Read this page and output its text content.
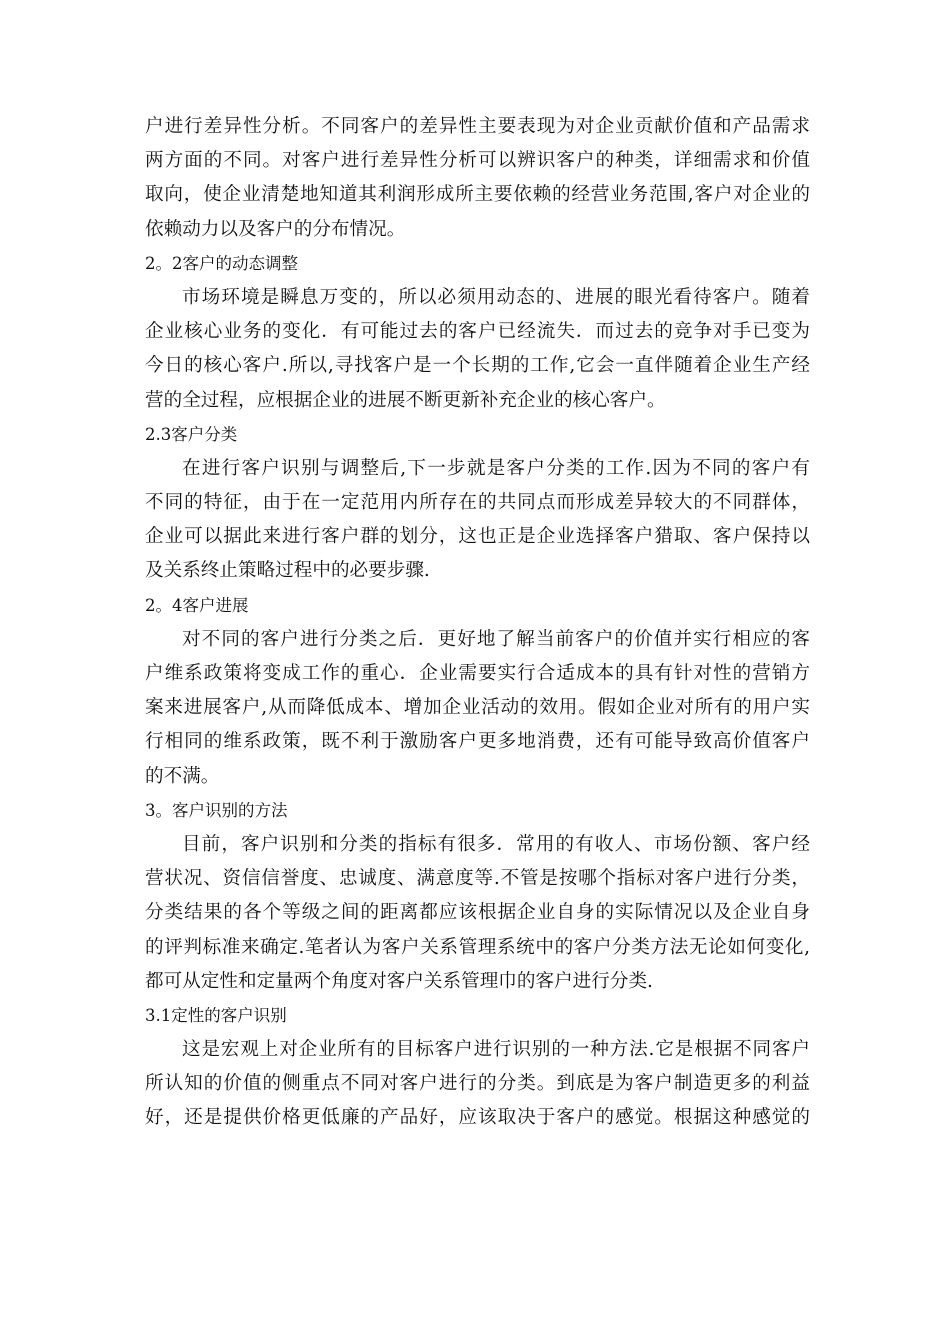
户进行差异性分析。不同客户的差异性主要表现为对企业贡献价值和产品需求
两方面的不同。对客户进行差异性分析可以辨识客户的种类，详细需求和价值
取向，使企业清楚地知道其利润形成所主要依赖的经营业务范围,客户对企业的
依赖动力以及客户的分布情况。
2。2客户的动态调整
市场环境是瞬息万变的，所以必须用动态的、进展的眼光看待客户。随着
企业核心业务的变化．有可能过去的客户已经流失．而过去的竞争对手已变为
今日的核心客户.所以,寻找客户是一个长期的工作,它会一直伴随着企业生产经
营的全过程，应根据企业的进展不断更新补充企业的核心客户。
2.3客户分类
在进行客户识别与调整后,下一步就是客户分类的工作.因为不同的客户有
不同的特征，由于在一定范用内所存在的共同点而形成差异较大的不同群体，
企业可以据此来进行客户群的划分，这也正是企业选择客户猎取、客户保持以
及关系终止策略过程中的必要步骤.
2。4客户进展
对不同的客户进行分类之后．更好地了解当前客户的价值并实行相应的客
户维系政策将变成工作的重心．企业需要实行合适成本的具有针对性的营销方
案来进展客户,从而降低成本、增加企业活动的效用。假如企业对所有的用户实
行相同的维系政策，既不利于激励客户更多地消费，还有可能导致高价值客户
的不满。
3。客户识别的方法
目前，客户识别和分类的指标有很多．常用的有收人、市场份额、客户经
营状况、资信信誉度、忠诚度、满意度等.不管是按哪个指标对客户进行分类，
分类结果的各个等级之间的距离都应该根据企业自身的实际情况以及企业自身
的评判标准来确定.笔者认为客户关系管理系统中的客户分类方法无论如何变化,
都可从定性和定量两个角度对客户关系管理巾的客户进行分类.
3.1定性的客户识别
这是宏观上对企业所有的目标客户进行识别的一种方法.它是根据不同客户
所认知的价值的侧重点不同对客户进行的分类。到底是为客户制造更多的利益
好，还是提供价格更低廉的产品好，应该取决于客户的感觉。根据这种感觉的
